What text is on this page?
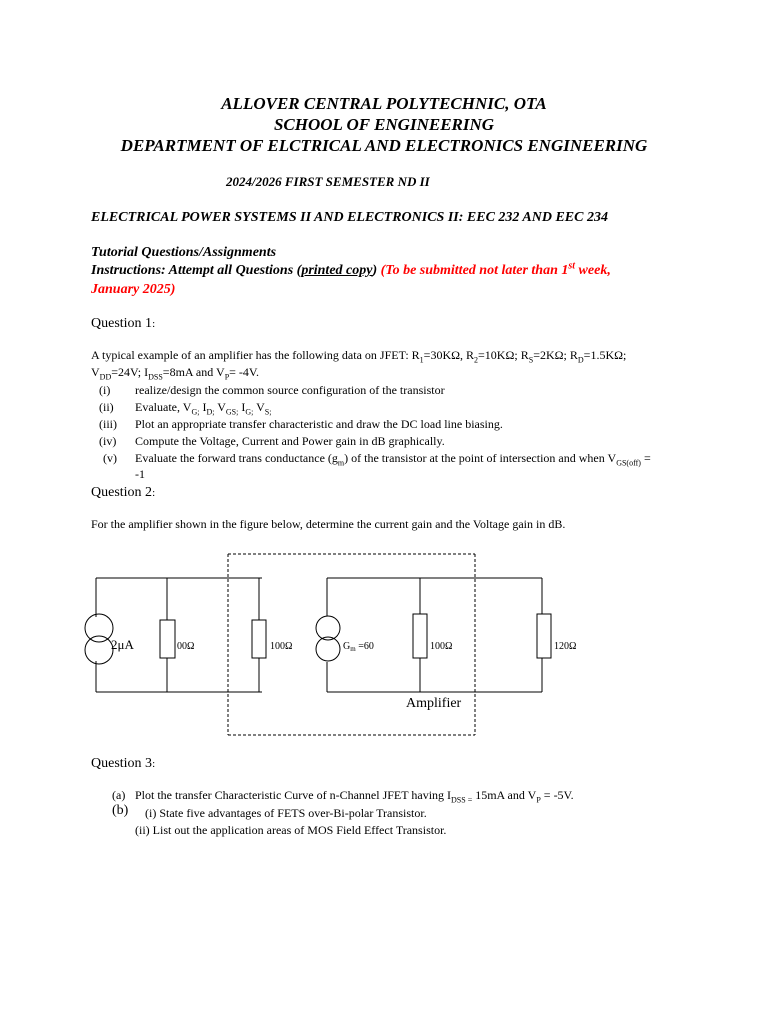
ALLOVER CENTRAL POLYTECHNIC, OTA
SCHOOL OF ENGINEERING
DEPARTMENT OF ELCTRICAL AND ELECTRONICS ENGINEERING
2024/2026 FIRST SEMESTER ND II
ELECTRICAL POWER SYSTEMS II AND ELECTRONICS II: EEC 232 AND EEC 234
Tutorial Questions/Assignments
Instructions: Attempt all Questions (printed copy) (To be submitted not later than 1st week,
January 2025)
Question 1:
A typical example of an amplifier has the following data on JFET: $R_1=30K\Omega$, $R_2=10K\Omega$; $R_S=2K\Omega$; $R_D=1.5K\Omega$;
$V_{DD}=24V$; $I_{DSS}=8mA$ and $V_P= -4V$.
(i) realize/design the common source configuration of the transistor
(ii) Evaluate, $V_{G;}$ $I_{D;}$ $V_{GS;}$ $I_{G;}$ $V_{S;}$
(iii) Plot an appropriate transfer characteristic and draw the DC load line biasing.
(iv) Compute the Voltage, Current and Power gain in dB graphically.
(v) Evaluate the forward trans conductance $(g_m)$ of the transistor at the point of intersection and when $V_{GS(off)}$ =
-1
Question 2:
For the amplifier shown in the figure below, determine the current gain and the Voltage gain in dB.
2μA	00Ω	100Ω	$G_m =60$	100Ω	120Ω
Amplifier
Question 3:
(a) Plot the transfer Characteristic Curve of n-Channel JFET having $I_{DSS =}$ 15mA and $V_P = -5V$.
(b) (i) State five advantages of FETS over-Bi-polar Transistor.
(ii) List out the application areas of MOS Field Effect Transistor.
